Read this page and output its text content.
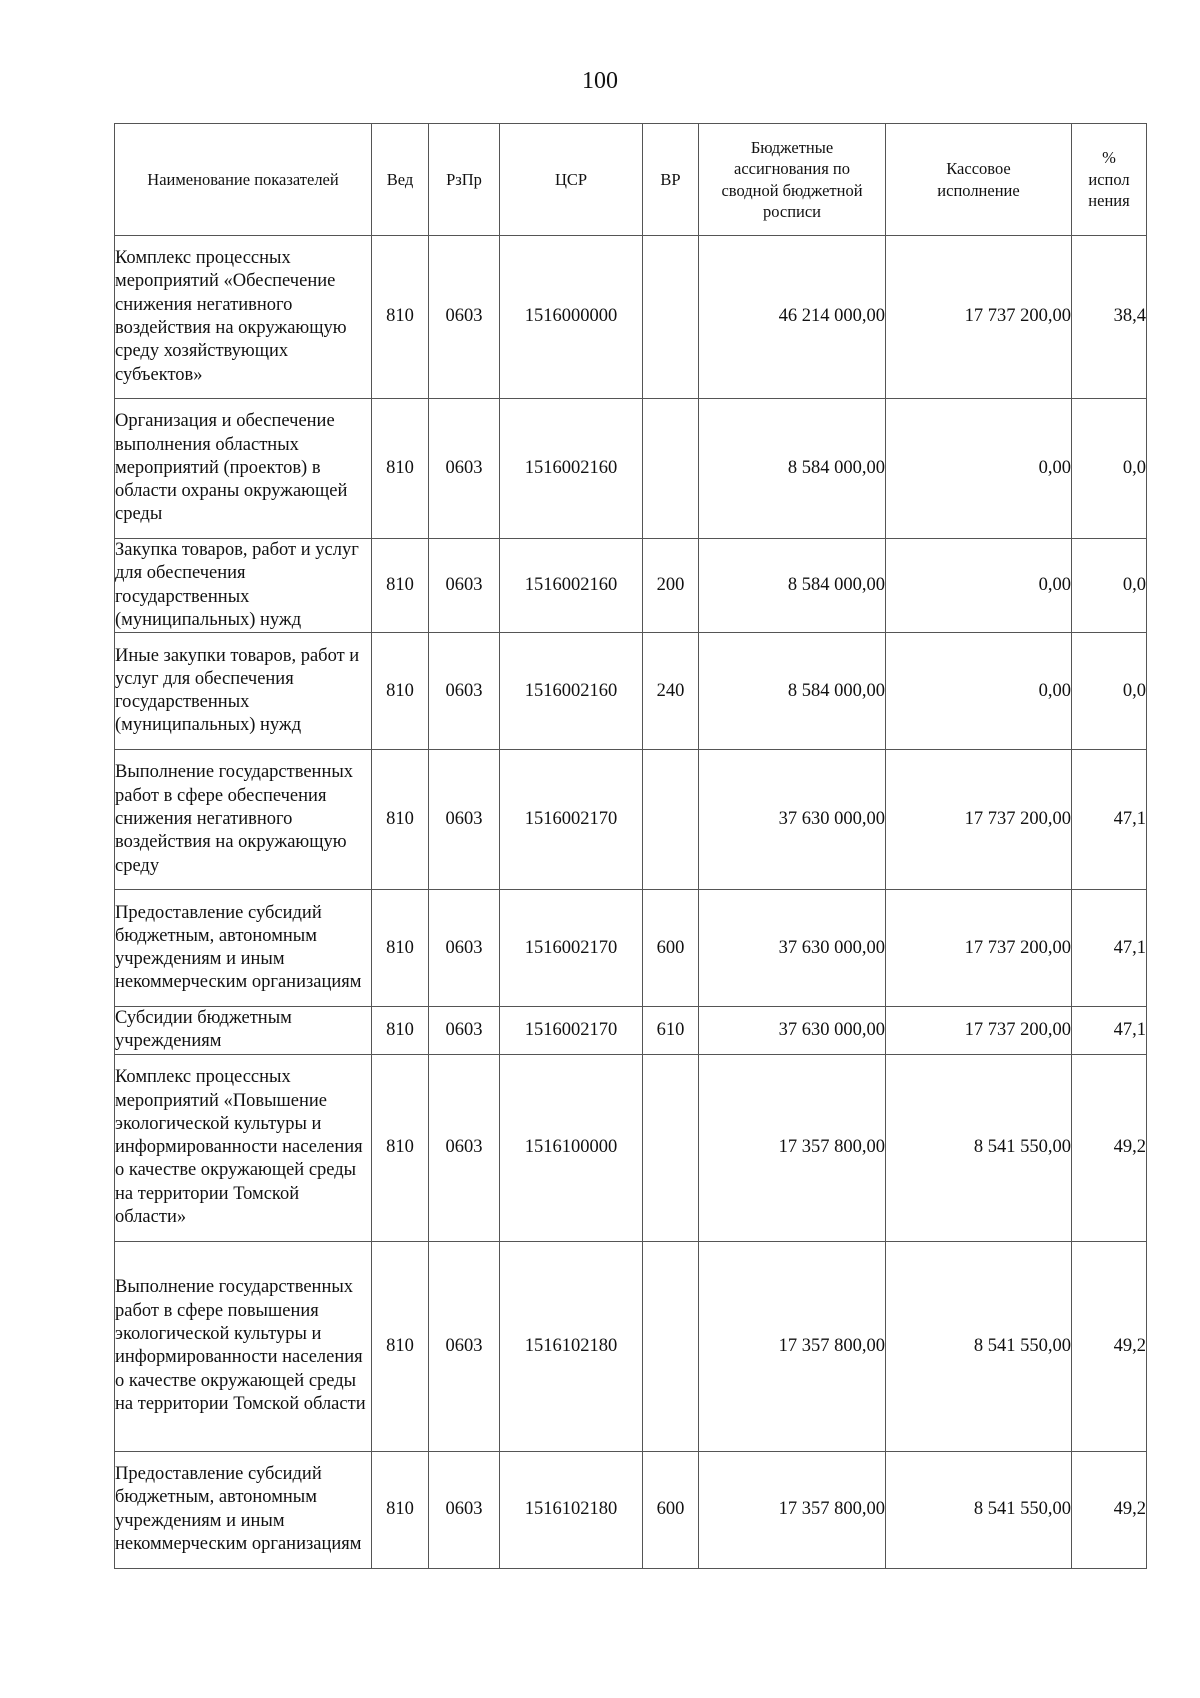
100
Наименование показателей	Вед	РзПр	ЦСР	ВР	Бюджетные ассигнования по сводной бюджетной росписи	Кассовое исполнение	% испол нения
Комплекс процессных мероприятий «Обеспечение снижения негативного воздействия на окружающую среду хозяйствующих субъектов»	810	0603	1516000000		46 214 000,00	17 737 200,00	38,4
Организация и обеспечение выполнения областных мероприятий (проектов) в области охраны окружающей среды	810	0603	1516002160		8 584 000,00	0,00	0,0
Закупка товаров, работ и услуг для обеспечения государственных (муниципальных) нужд	810	0603	1516002160	200	8 584 000,00	0,00	0,0
Иные закупки товаров, работ и услуг для обеспечения государственных (муниципальных) нужд	810	0603	1516002160	240	8 584 000,00	0,00	0,0
Выполнение государственных работ в сфере обеспечения снижения негативного воздействия на окружающую среду	810	0603	1516002170		37 630 000,00	17 737 200,00	47,1
Предоставление субсидий бюджетным, автономным учреждениям и иным некоммерческим организациям	810	0603	1516002170	600	37 630 000,00	17 737 200,00	47,1
Субсидии бюджетным учреждениям	810	0603	1516002170	610	37 630 000,00	17 737 200,00	47,1
Комплекс процессных мероприятий «Повышение экологической культуры и информированности населения о качестве окружающей среды на территории Томской области»	810	0603	1516100000		17 357 800,00	8 541 550,00	49,2
Выполнение государственных работ в сфере повышения экологической культуры и информированности населения о качестве окружающей среды на территории Томской области	810	0603	1516102180		17 357 800,00	8 541 550,00	49,2
Предоставление субсидий бюджетным, автономным учреждениям и иным некоммерческим организациям	810	0603	1516102180	600	17 357 800,00	8 541 550,00	49,2
